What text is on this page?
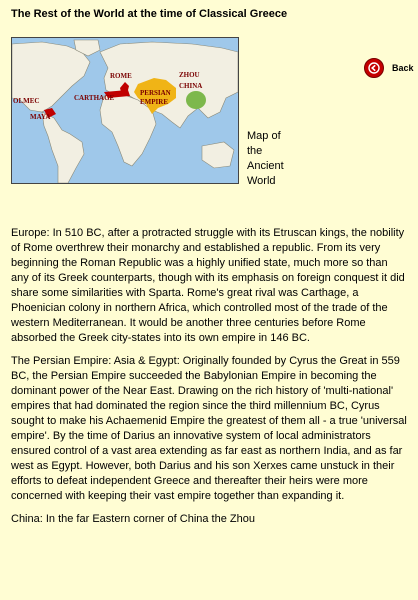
The Rest of the World at the time of Classical Greece
Back
ROME
CARTHAGE
PERSIAN
EMPIRE
ZHOU
CHINA
OLMEC
MAYA
Map of the Ancient World

Europe: In 510 BC, after a protracted struggle with its Etruscan kings, the nobility of Rome overthrew their monarchy and established a republic. From its very beginning the Roman Republic was a highly unified state, much more so than any of its Greek counterparts, though with its emphasis on foreign conquest it did share some similarities with Sparta. Rome's great rival was Carthage, a Phoenician colony in northern Africa, which controlled most of the trade of the western Mediterranean. It would be another three centuries before Rome absorbed the Greek city-states into its own empire in 146 BC.

The Persian Empire: Asia & Egypt: Originally founded by Cyrus the Great in 559 BC, the Persian Empire succeeded the Babylonian Empire in becoming the dominant power of the Near East. Drawing on the rich history of 'multi-national' empires that had dominated the region since the third millennium BC, Cyrus sought to make his Achaemenid Empire the greatest of them all - a true 'universal empire'. By the time of Darius an innovative system of local administrators ensured control of a vast area extending as far east as northern India, and as far west as Egypt. However, both Darius and his son Xerxes came unstuck in their efforts to defeat independent Greece and thereafter their heirs were more concerned with keeping their vast empire together than expanding it.

China: In the far Eastern corner of China the Zhou
